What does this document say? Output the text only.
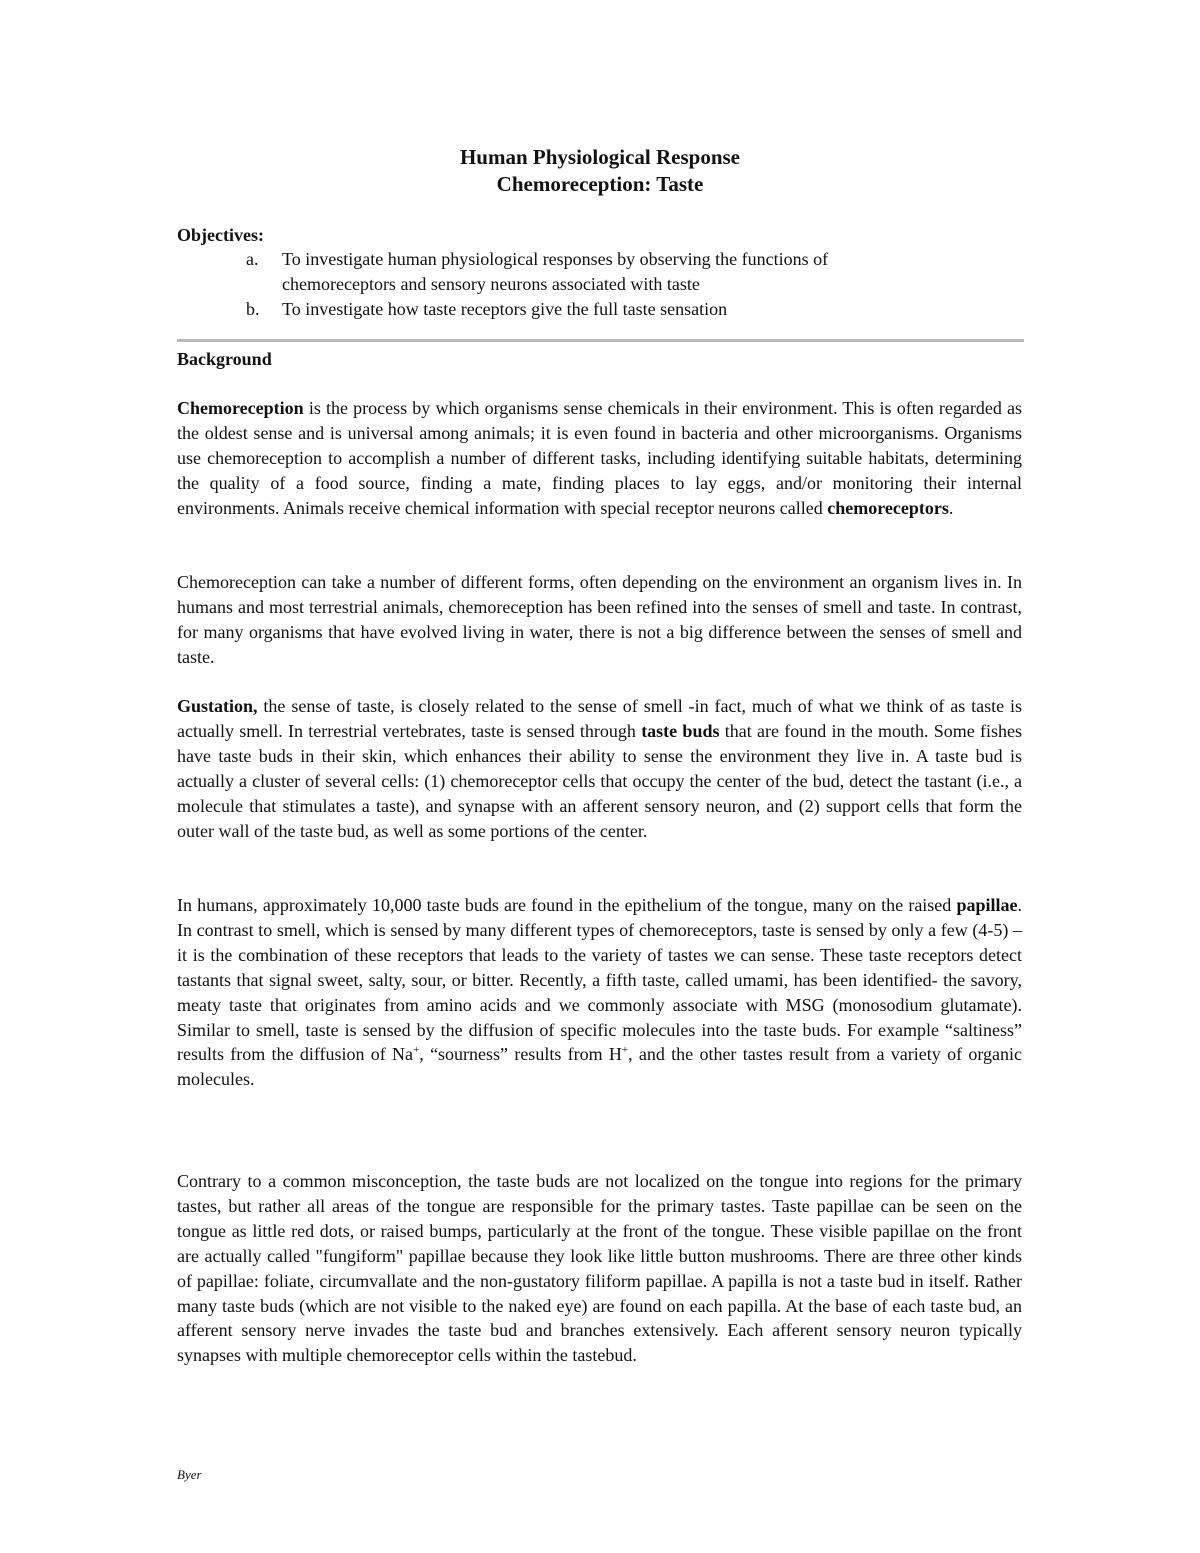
Human Physiological Response
Chemoreception: Taste
Objectives:
a. To investigate human physiological responses by observing the functions of chemoreceptors and sensory neurons associated with taste
b. To investigate how taste receptors give the full taste sensation
Background
Chemoreception is the process by which organisms sense chemicals in their environment. This is often regarded as the oldest sense and is universal among animals; it is even found in bacteria and other microorganisms. Organisms use chemoreception to accomplish a number of different tasks, including identifying suitable habitats, determining the quality of a food source, finding a mate, finding places to lay eggs, and/or monitoring their internal environments. Animals receive chemical information with special receptor neurons called chemoreceptors.
Chemoreception can take a number of different forms, often depending on the environment an organism lives in. In humans and most terrestrial animals, chemoreception has been refined into the senses of smell and taste. In contrast, for many organisms that have evolved living in water, there is not a big difference between the senses of smell and taste.
Gustation, the sense of taste, is closely related to the sense of smell -in fact, much of what we think of as taste is actually smell. In terrestrial vertebrates, taste is sensed through taste buds that are found in the mouth. Some fishes have taste buds in their skin, which enhances their ability to sense the environment they live in. A taste bud is actually a cluster of several cells: (1) chemoreceptor cells that occupy the center of the bud, detect the tastant (i.e., a molecule that stimulates a taste), and synapse with an afferent sensory neuron, and (2) support cells that form the outer wall of the taste bud, as well as some portions of the center.
In humans, approximately 10,000 taste buds are found in the epithelium of the tongue, many on the raised papillae. In contrast to smell, which is sensed by many different types of chemoreceptors, taste is sensed by only a few (4-5) – it is the combination of these receptors that leads to the variety of tastes we can sense. These taste receptors detect tastants that signal sweet, salty, sour, or bitter. Recently, a fifth taste, called umami, has been identified- the savory, meaty taste that originates from amino acids and we commonly associate with MSG (monosodium glutamate). Similar to smell, taste is sensed by the diffusion of specific molecules into the taste buds. For example “saltiness” results from the diffusion of Na+, “sourness” results from H+, and the other tastes result from a variety of organic molecules.
Contrary to a common misconception, the taste buds are not localized on the tongue into regions for the primary tastes, but rather all areas of the tongue are responsible for the primary tastes. Taste papillae can be seen on the tongue as little red dots, or raised bumps, particularly at the front of the tongue. These visible papillae on the front are actually called "fungiform" papillae because they look like little button mushrooms. There are three other kinds of papillae: foliate, circumvallate and the non-gustatory filiform papillae. A papilla is not a taste bud in itself. Rather many taste buds (which are not visible to the naked eye) are found on each papilla. At the base of each taste bud, an afferent sensory nerve invades the taste bud and branches extensively. Each afferent sensory neuron typically synapses with multiple chemoreceptor cells within the tastebud.
Byer
